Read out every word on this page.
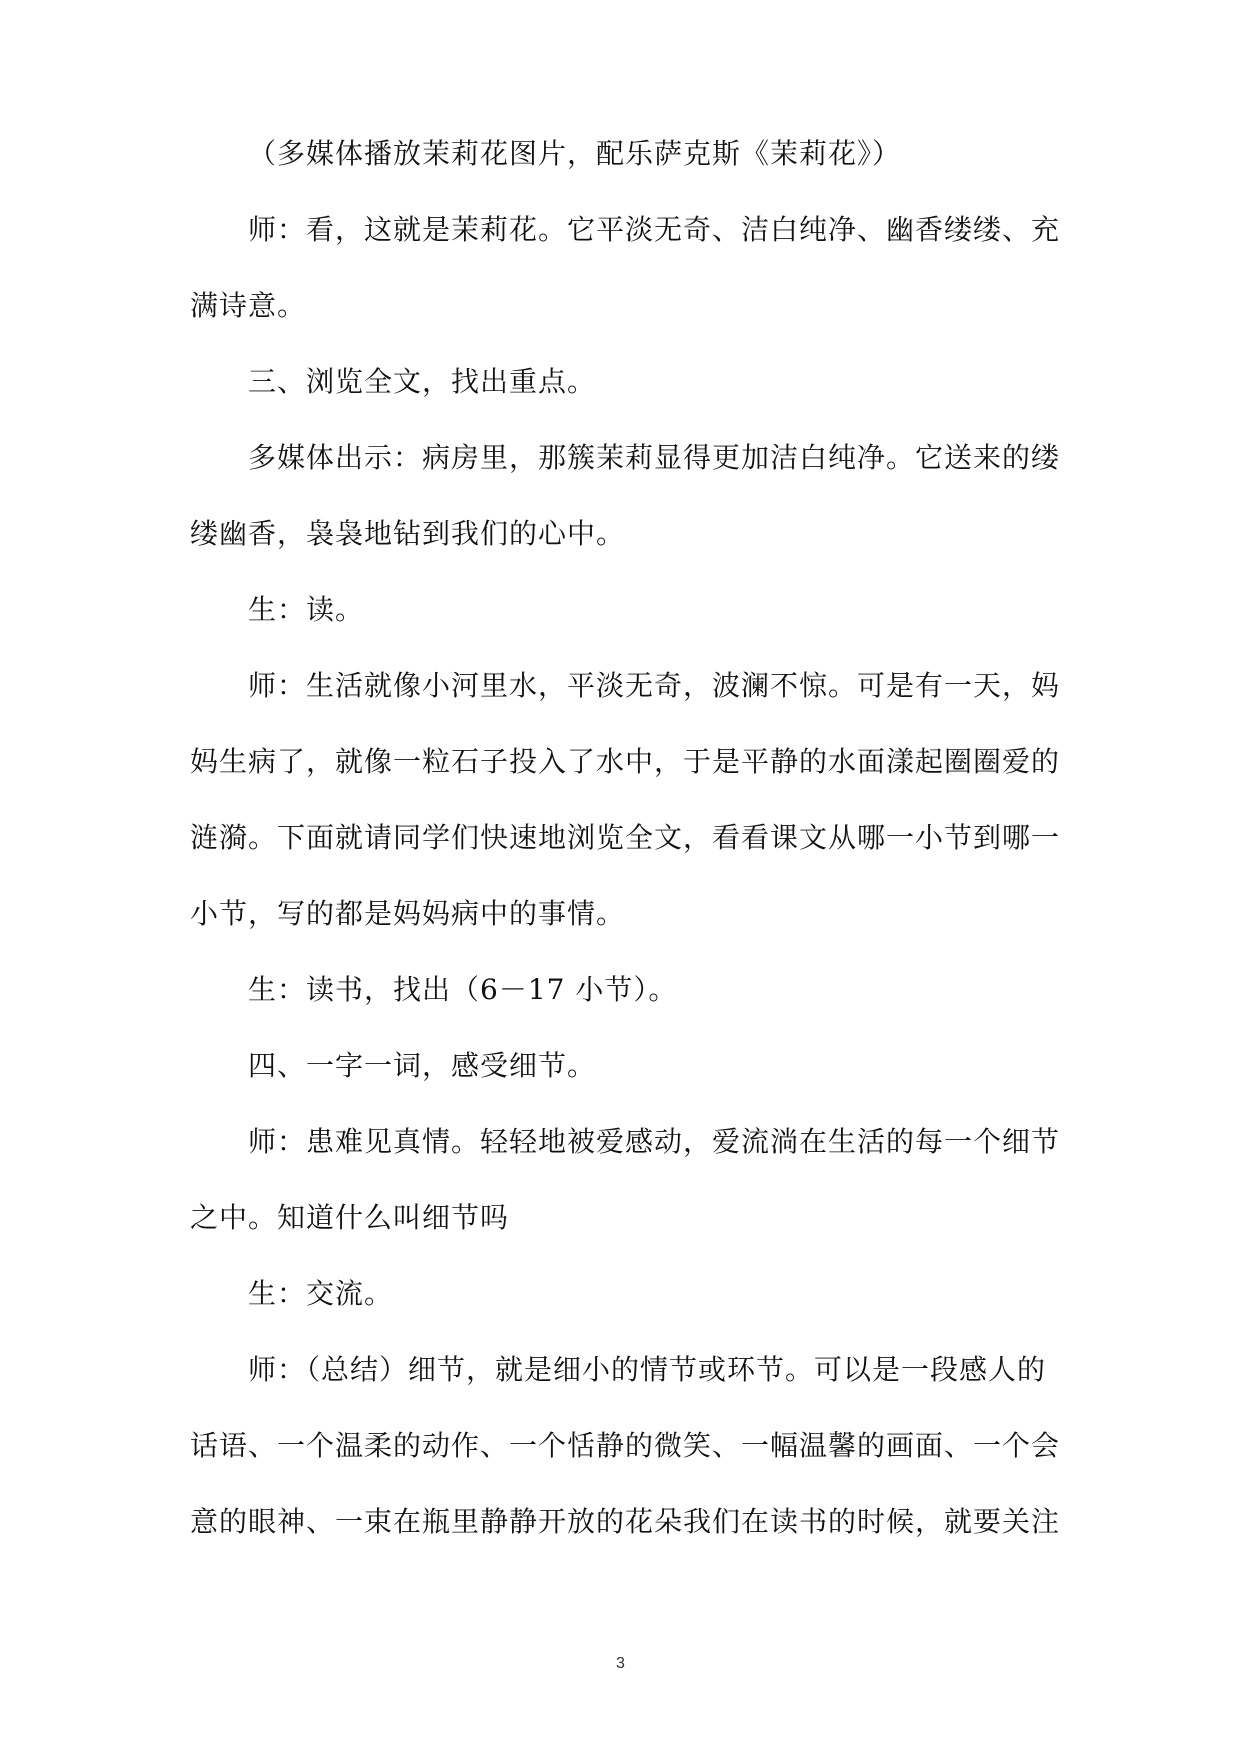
（多媒体播放茉莉花图片，配乐萨克斯《茉莉花》）
师：看，这就是茉莉花。它平淡无奇、洁白纯净、幽香缕缕、充
满诗意。
三、浏览全文，找出重点。
多媒体出示：病房里，那簇茉莉显得更加洁白纯净。它送来的缕
缕幽香，袅袅地钻到我们的心中。
生：读。
师：生活就像小河里水，平淡无奇，波澜不惊。可是有一天，妈
妈生病了，就像一粒石子投入了水中，于是平静的水面漾起圈圈爱的
涟漪。下面就请同学们快速地浏览全文，看看课文从哪一小节到哪一
小节，写的都是妈妈病中的事情。
生：读书，找出（6－17 小节）。
四、一字一词，感受细节。
师：患难见真情。轻轻地被爱感动，爱流淌在生活的每一个细节
之中。知道什么叫细节吗
生：交流。
师：（总结）细节，就是细小的情节或环节。可以是一段感人的
话语、一个温柔的动作、一个恬静的微笑、一幅温馨的画面、一个会
意的眼神、一束在瓶里静静开放的花朵我们在读书的时候，就要关注
3
